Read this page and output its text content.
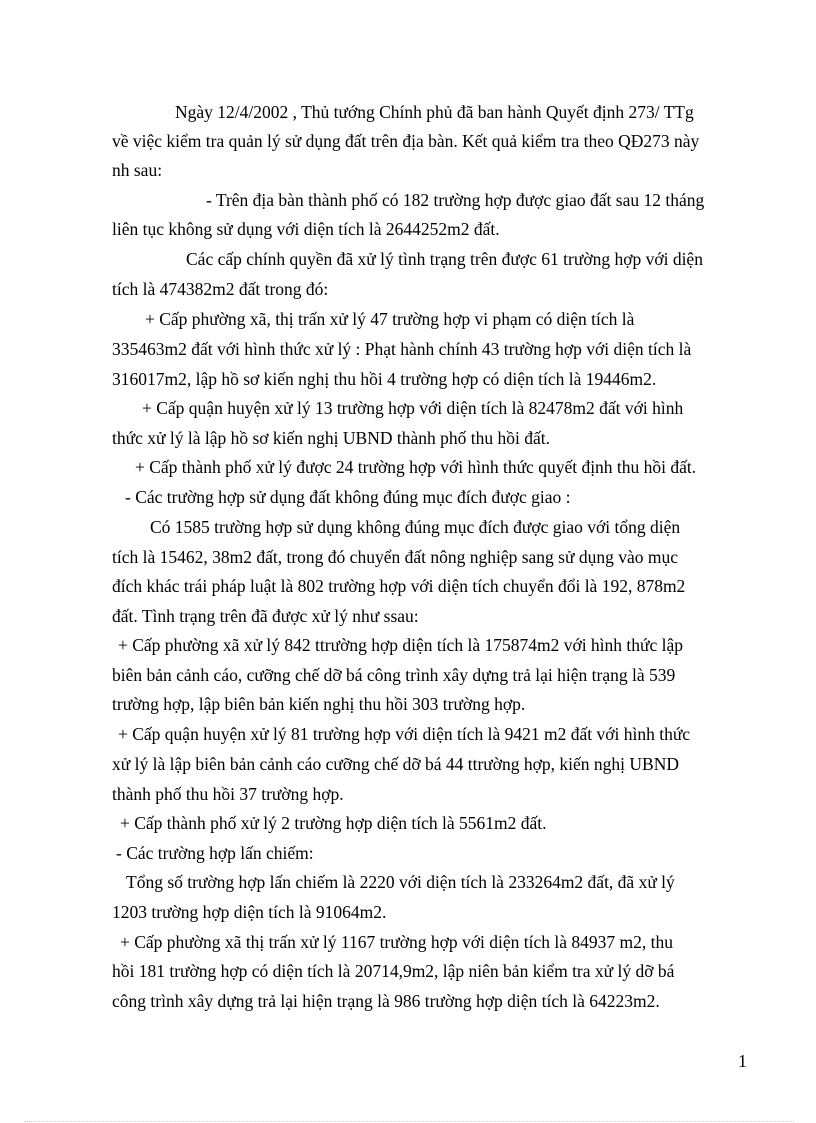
Ngày 12/4/2002 , Thủ tướng Chính phủ đã ban hành Quyết định 273/ TTg
về việc kiểm tra quản lý sử dụng đất trên địa bàn. Kết quả kiểm tra theo QĐ273 này
nh sau:
- Trên địa bàn thành phố có 182 trường hợp được giao đất sau 12 tháng
liên tục không sử dụng với diện tích là 2644252m2 đất.
Các cấp chính quyền đã xử lý tình trạng trên được 61 trường hợp với diện
tích là 474382m2 đất trong đó:
+ Cấp phường xã, thị trấn xử lý 47 trường hợp vi phạm có diện tích là
335463m2 đất với hình thức xử lý : Phạt hành chính 43 trường hợp với diện tích là
316017m2, lập hồ sơ kiến nghị thu hồi 4 trường hợp có diện tích là 19446m2.
+ Cấp quận huyện xử lý 13 trường hợp với diện tích là 82478m2 đất với hình
thức xử lý là lập hồ sơ kiến nghị UBND thành phố thu hồi đất.
+ Cấp thành phố xử lý được 24 trường hợp với hình thức quyết định thu hồi đất.
- Các trường hợp sử dụng đất không đúng mục đích được giao :
Có 1585 trường hợp sử dụng không đúng mục đích được giao với tổng diện
tích là 15462, 38m2 đất, trong đó chuyển đất nông nghiệp sang sử dụng vào mục
đích khác trái pháp luật là 802 trường hợp với diện tích chuyển đổi là 192, 878m2
đất. Tình trạng trên đã được xử lý như ssau:
+ Cấp phường xã xử lý 842 ttrường hợp diện tích là 175874m2 với hình thức lập
biên bản cảnh cáo, cưỡng chế dỡ bá công trình xây dựng trả lại hiện trạng là 539
trường hợp, lập biên bản kiến nghị thu hồi 303 trường hợp.
+ Cấp quận huyện xử lý 81 trường hợp với diện tích là 9421 m2 đất với hình thức
xử lý là lập biên bản cảnh cáo cưỡng chế dỡ bá 44 ttrường hợp, kiến nghị UBND
thành phố thu hồi 37 trường hợp.
+ Cấp thành phố xử lý 2 trường hợp diện tích là 5561m2 đất.
- Các trường hợp lấn chiếm:
Tổng số trường hợp lấn chiếm là 2220 với diện tích là 233264m2 đất, đã xử lý
1203 trường hợp diện tích là 91064m2.
+ Cấp phường xã thị trấn xử lý 1167 trường hợp với diện tích là 84937 m2, thu
hồi 181 trường hợp có diện tích là 20714,9m2, lập niên bản kiểm tra xử lý dỡ bá
công trình xây dựng trả lại hiện trạng là 986 trường hợp diện tích là 64223m2.
1
